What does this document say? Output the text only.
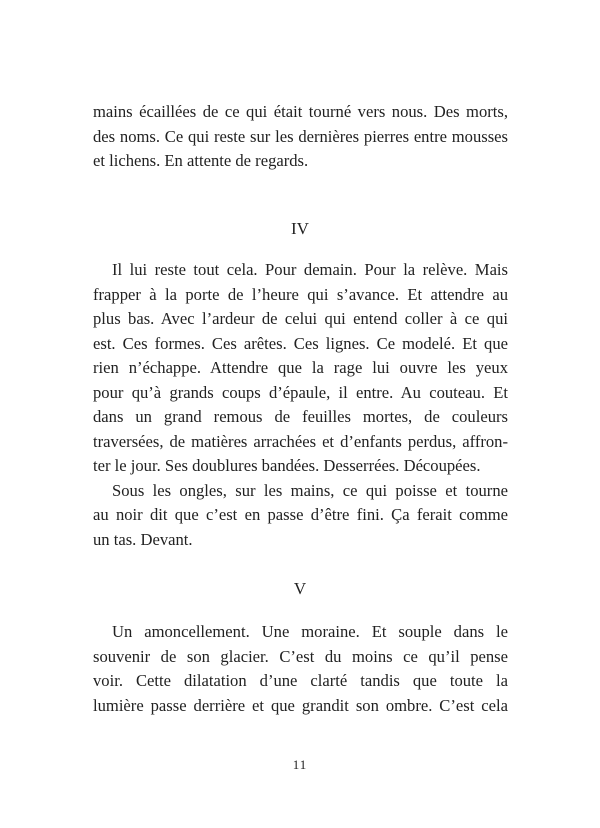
mains écaillées de ce qui était tourné vers nous. Des morts,
des noms. Ce qui reste sur les dernières pierres entre mousses
et lichens. En attente de regards.

IV

Il lui reste tout cela. Pour demain. Pour la relève. Mais
frapper à la porte de l’heure qui s’avance. Et attendre au
plus bas. Avec l’ardeur de celui qui entend coller à ce qui
est. Ces formes. Ces arêtes. Ces lignes. Ce modelé. Et que
rien n’échappe. Attendre que la rage lui ouvre les yeux
pour qu’à grands coups d’épaule, il entre. Au couteau. Et
dans un grand remous de feuilles mortes, de couleurs
traversées, de matières arrachées et d’enfants perdus, affron-
ter le jour. Ses doublures bandées. Desserrées. Découpées.

Sous les ongles, sur les mains, ce qui poisse et tourne
au noir dit que c’est en passe d’être fini. Ça ferait comme
un tas. Devant.

V

Un amoncellement. Une moraine. Et souple dans le
souvenir de son glacier. C’est du moins ce qu’il pense
voir. Cette dilatation d’une clarté tandis que toute la
lumière passe derrière et que grandit son ombre. C’est cela

11
